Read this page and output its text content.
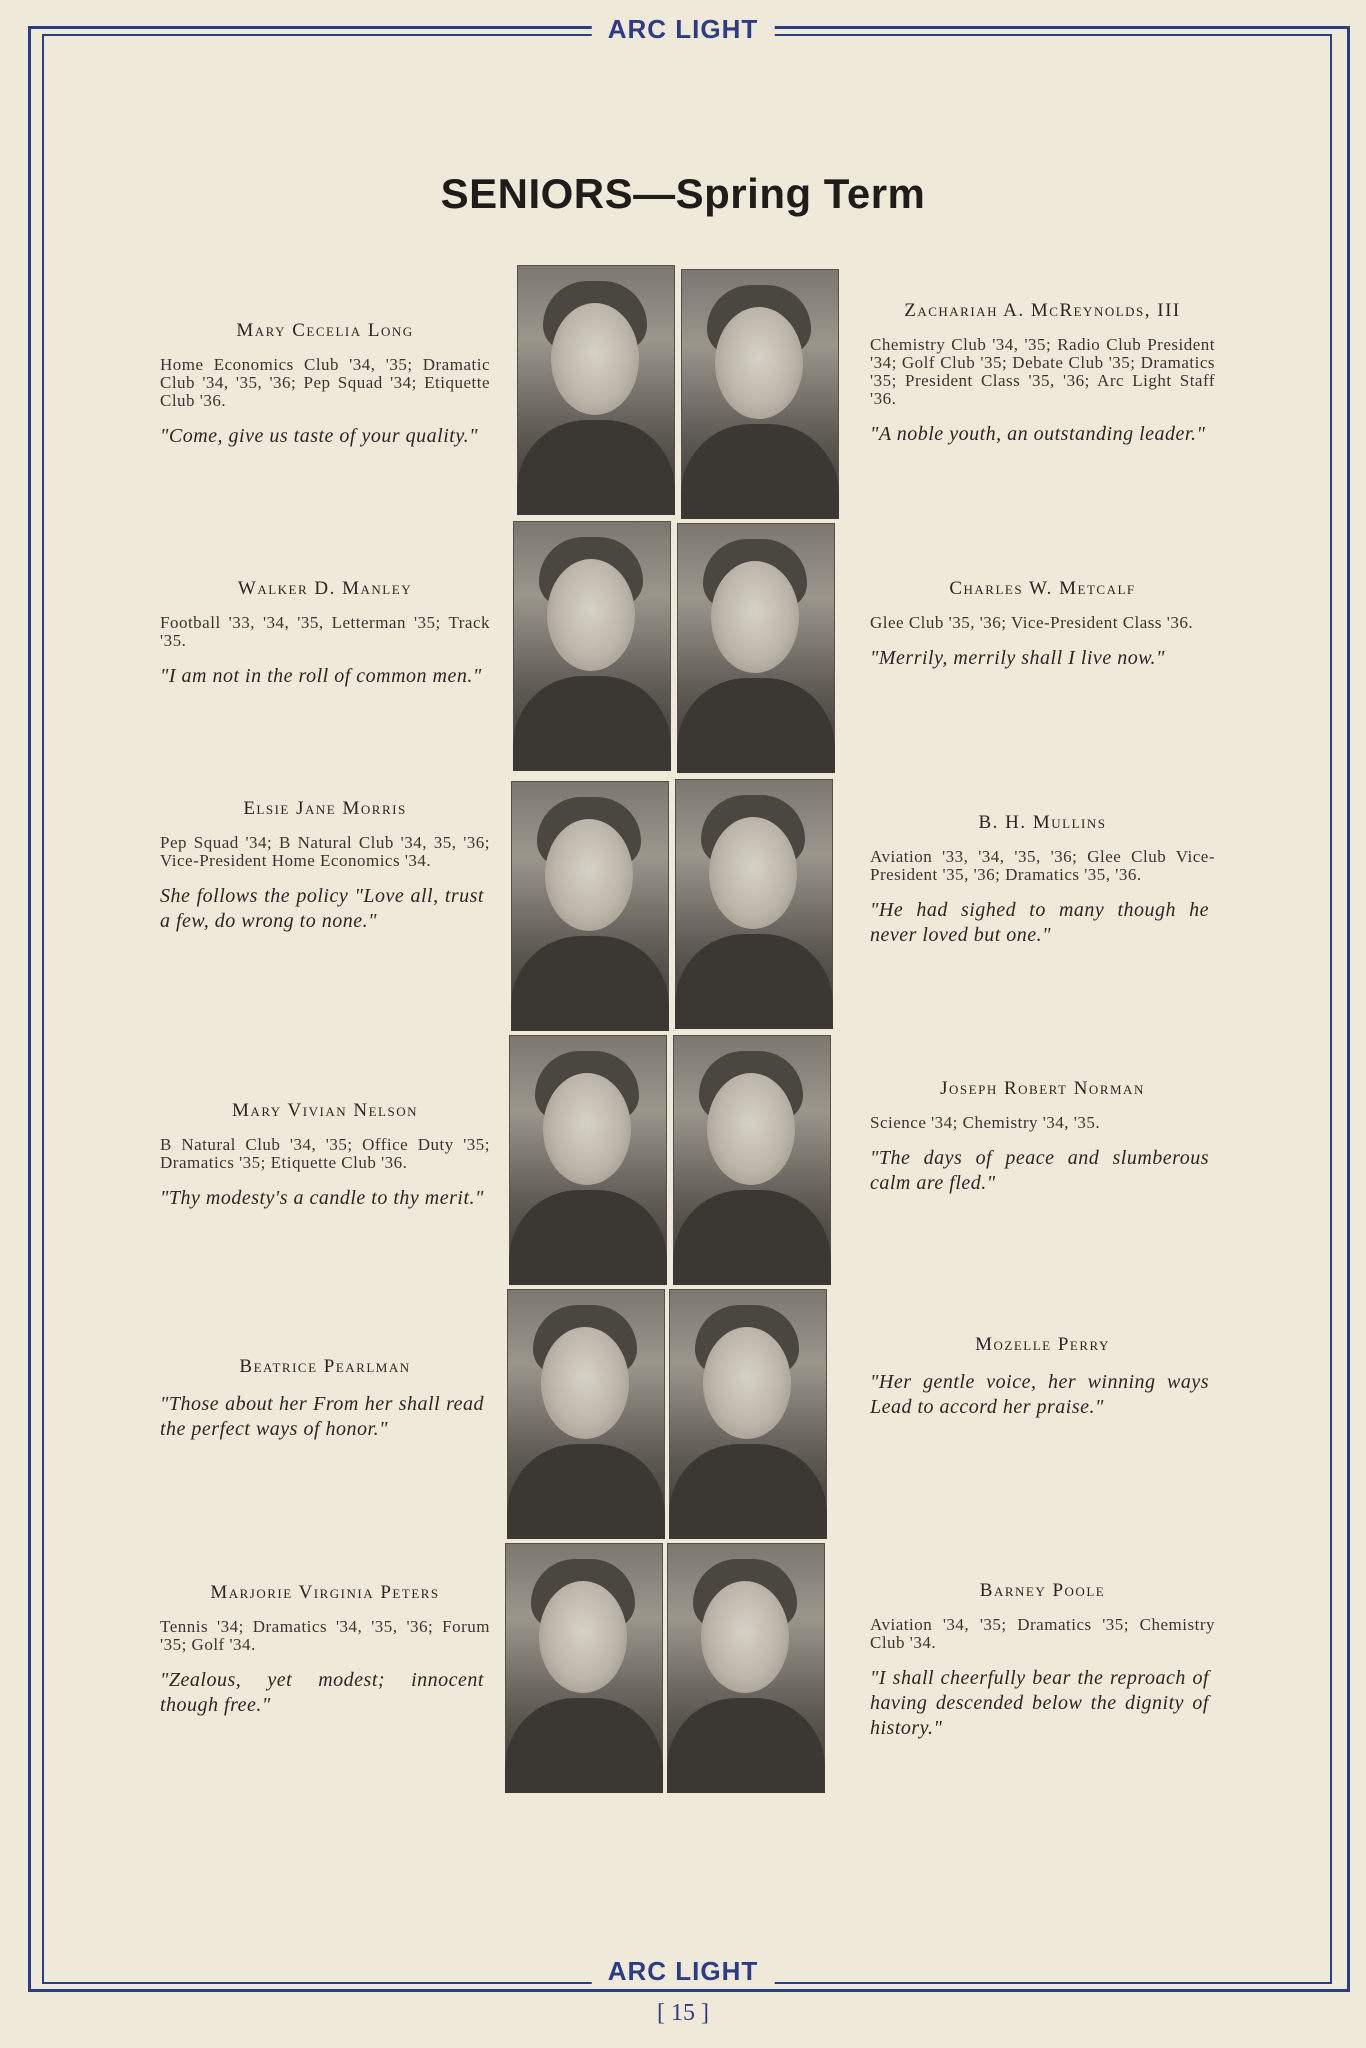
ARC LIGHT
SENIORS—Spring Term
Mary Cecelia Long
Home Economics Club '34, '35; Dramatic Club '34, '35, '36; Pep Squad '34; Etiquette Club '36.
"Come, give us taste of your quality."
Walker D. Manley
Football '33, '34, '35, Letterman '35; Track '35.
"I am not in the roll of common men."
Elsie Jane Morris
Pep Squad '34; B Natural Club '34, 35, '36; Vice-President Home Economics '34.
She follows the policy "Love all, trust a few, do wrong to none."
Mary Vivian Nelson
B Natural Club '34, '35; Office Duty '35; Dramatics '35; Etiquette Club '36.
"Thy modesty's a candle to thy merit."
Beatrice Pearlman
"Those about her From her shall read the perfect ways of honor."
Marjorie Virginia Peters
Tennis '34; Dramatics '34, '35, '36; Forum '35; Golf '34.
"Zealous, yet modest; innocent though free."
Zachariah A. McReynolds, III
Chemistry Club '34, '35; Radio Club President '34; Golf Club '35; Debate Club '35; Dramatics '35; President Class '35, '36; Arc Light Staff '36.
"A noble youth, an outstanding leader."
Charles W. Metcalf
Glee Club '35, '36; Vice-President Class '36.
"Merrily, merrily shall I live now."
B. H. Mullins
Aviation '33, '34, '35, '36; Glee Club Vice-President '35, '36; Dramatics '35, '36.
"He had sighed to many though he never loved but one."
Joseph Robert Norman
Science '34; Chemistry '34, '35.
"The days of peace and slumberous calm are fled."
Mozelle Perry
"Her gentle voice, her winning ways Lead to accord her praise."
Barney Poole
Aviation '34, '35; Dramatics '35; Chemistry Club '34.
"I shall cheerfully bear the reproach of having descended below the dignity of history."
ARC LIGHT
[ 15 ]
